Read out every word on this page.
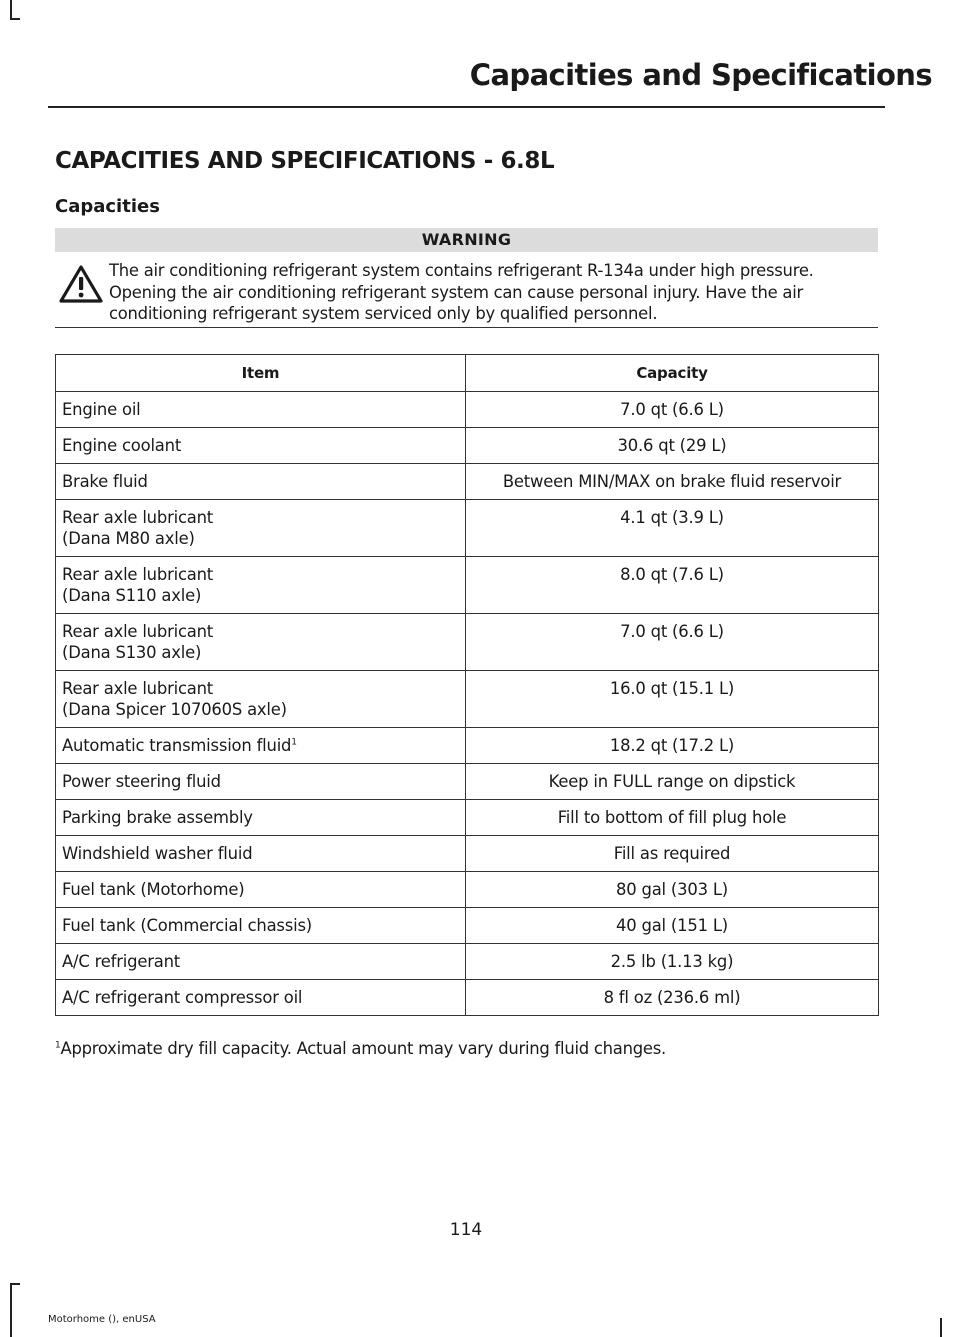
Capacities and Specifications
CAPACITIES AND SPECIFICATIONS - 6.8L
Capacities
WARNING

The air conditioning refrigerant system contains refrigerant R-134a under high pressure. Opening the air conditioning refrigerant system can cause personal injury. Have the air conditioning refrigerant system serviced only by qualified personnel.

Item	Capacity
Engine oil	7.0 qt (6.6 L)
Engine coolant	30.6 qt (29 L)
Brake fluid	Between MIN/MAX on brake fluid reservoir
Rear axle lubricant
(Dana M80 axle)	4.1 qt (3.9 L)
Rear axle lubricant
(Dana S110 axle)	8.0 qt (7.6 L)
Rear axle lubricant
(Dana S130 axle)	7.0 qt (6.6 L)
Rear axle lubricant
(Dana Spicer 107060S axle)	16.0 qt (15.1 L)
Automatic transmission fluid$^1$	18.2 qt (17.2 L)
Power steering fluid	Keep in FULL range on dipstick
Parking brake assembly	Fill to bottom of fill plug hole
Windshield washer fluid	Fill as required
Fuel tank (Motorhome)	80 gal (303 L)
Fuel tank (Commercial chassis)	40 gal (151 L)
A/C refrigerant	2.5 lb (1.13 kg)
A/C refrigerant compressor oil	8 fl oz (236.6 ml)

$^1$Approximate dry fill capacity. Actual amount may vary during fluid changes.

114
Motorhome (), enUSA
